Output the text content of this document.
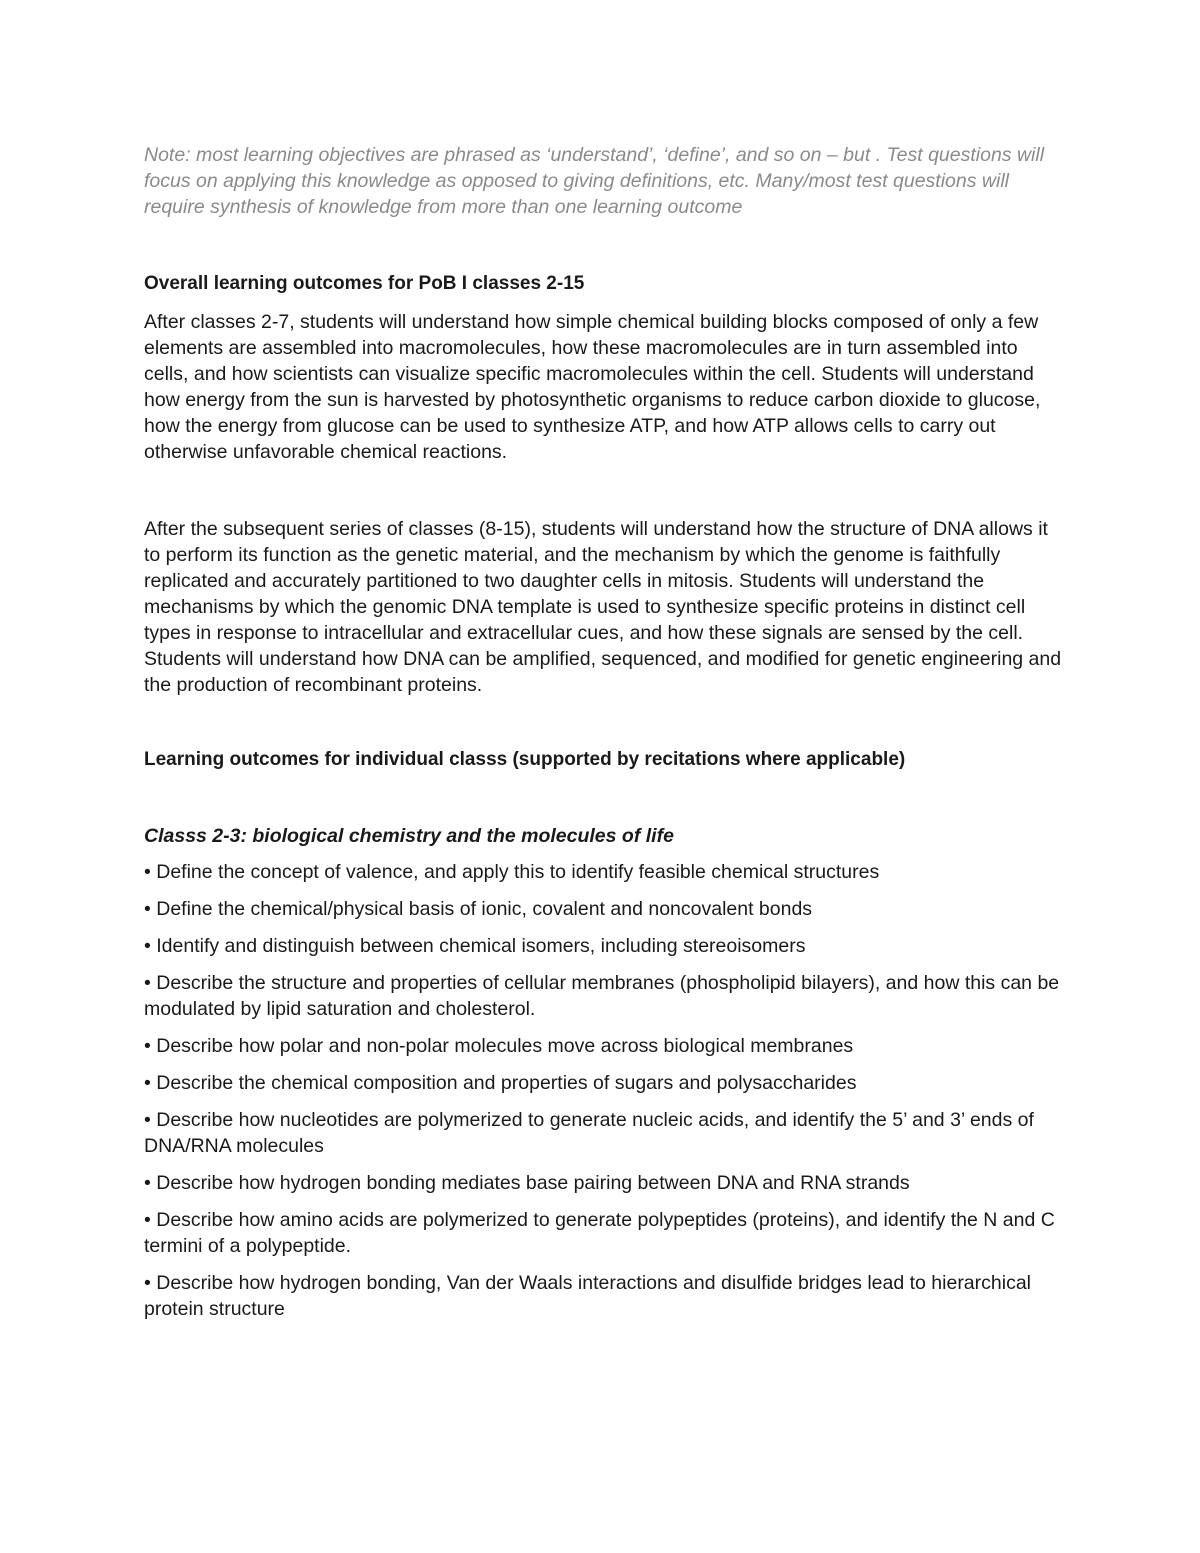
Note: most learning objectives are phrased as ‘understand’, ‘define’, and so on – but . Test questions will focus on applying this knowledge as opposed to giving definitions, etc. Many/most test questions will require synthesis of knowledge from more than one learning outcome

Overall learning outcomes for PoB I classes 2-15

After classes 2-7, students will understand how simple chemical building blocks composed of only a few elements are assembled into macromolecules, how these macromolecules are in turn assembled into cells, and how scientists can visualize specific macromolecules within the cell. Students will understand how energy from the sun is harvested by photosynthetic organisms to reduce carbon dioxide to glucose, how the energy from glucose can be used to synthesize ATP, and how ATP allows cells to carry out otherwise unfavorable chemical reactions.

After the subsequent series of classes (8-15), students will understand how the structure of DNA allows it to perform its function as the genetic material, and the mechanism by which the genome is faithfully replicated and accurately partitioned to two daughter cells in mitosis. Students will understand the mechanisms by which the genomic DNA template is used to synthesize specific proteins in distinct cell types in response to intracellular and extracellular cues, and how these signals are sensed by the cell. Students will understand how DNA can be amplified, sequenced, and modified for genetic engineering and the production of recombinant proteins.

Learning outcomes for individual classs (supported by recitations where applicable)
Classs 2-3: biological chemistry and the molecules of life
• Define the concept of valence, and apply this to identify feasible chemical structures
• Define the chemical/physical basis of ionic, covalent and noncovalent bonds
• Identify and distinguish between chemical isomers, including stereoisomers
• Describe the structure and properties of cellular membranes (phospholipid bilayers), and how this can be modulated by lipid saturation and cholesterol.
• Describe how polar and non-polar molecules move across biological membranes
• Describe the chemical composition and properties of sugars and polysaccharides
• Describe how nucleotides are polymerized to generate nucleic acids, and identify the 5’ and 3’ ends of DNA/RNA molecules
• Describe how hydrogen bonding mediates base pairing between DNA and RNA strands
• Describe how amino acids are polymerized to generate polypeptides (proteins), and identify the N and C termini of a polypeptide.
• Describe how hydrogen bonding, Van der Waals interactions and disulfide bridges lead to hierarchical protein structure
